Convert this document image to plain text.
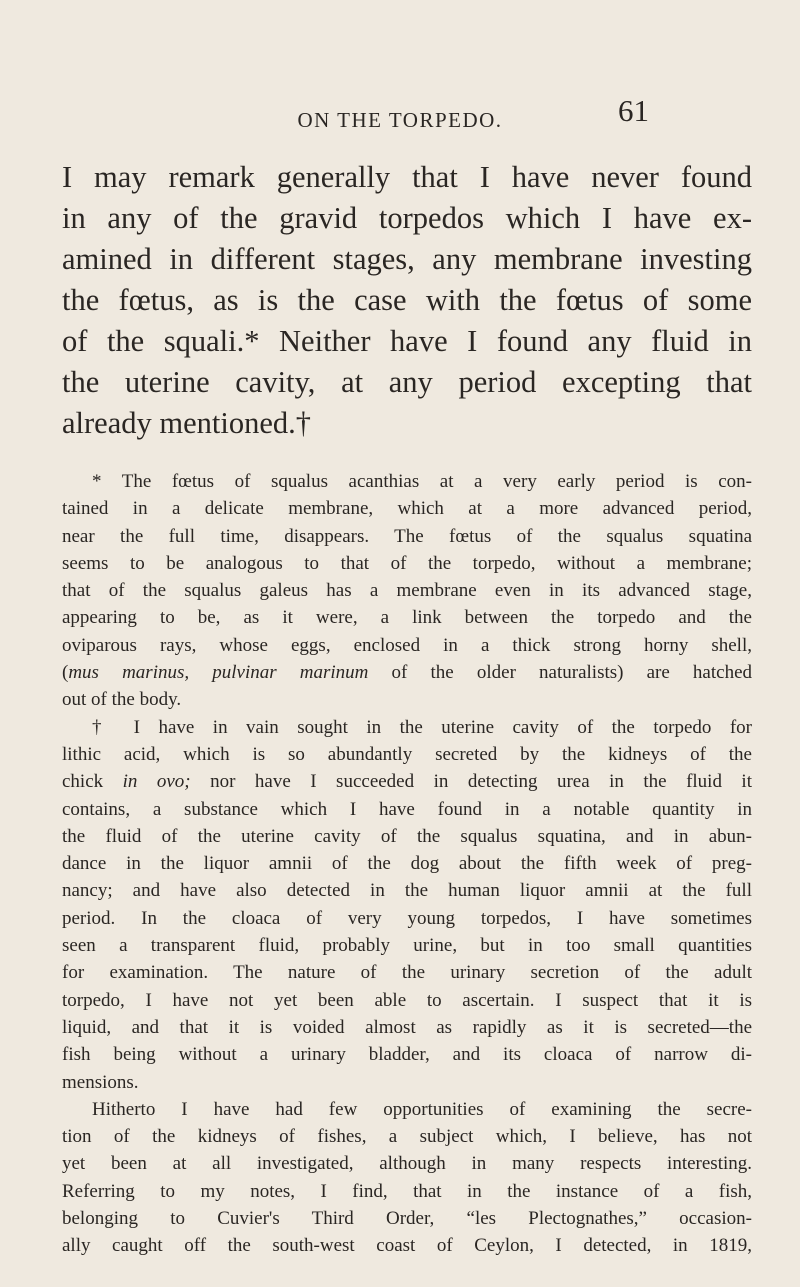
ON THE TORPEDO.	61
I may remark generally that I have never found
in any of the gravid torpedos which I have ex-
amined in different stages, any membrane investing
the fœtus, as is the case with the fœtus of some
of the squali.* Neither have I found any fluid in
the uterine cavity, at any period excepting that
already mentioned.†
* The fœtus of squalus acanthias at a very early period is con-
tained in a delicate membrane, which at a more advanced period,
near the full time, disappears. The fœtus of the squalus squatina
seems to be analogous to that of the torpedo, without a membrane;
that of the squalus galeus has a membrane even in its advanced stage,
appearing to be, as it were, a link between the torpedo and the
oviparous rays, whose eggs, enclosed in a thick strong horny shell,
(mus marinus, pulvinar marinum of the older naturalists) are hatched
out of the body.
† I have in vain sought in the uterine cavity of the torpedo for
lithic acid, which is so abundantly secreted by the kidneys of the
chick in ovo; nor have I succeeded in detecting urea in the fluid it
contains, a substance which I have found in a notable quantity in
the fluid of the uterine cavity of the squalus squatina, and in abun-
dance in the liquor amnii of the dog about the fifth week of preg-
nancy; and have also detected in the human liquor amnii at the full
period. In the cloaca of very young torpedos, I have sometimes
seen a transparent fluid, probably urine, but in too small quantities
for examination. The nature of the urinary secretion of the adult
torpedo, I have not yet been able to ascertain. I suspect that it is
liquid, and that it is voided almost as rapidly as it is secreted—the
fish being without a urinary bladder, and its cloaca of narrow di-
mensions.
Hitherto I have had few opportunities of examining the secre-
tion of the kidneys of fishes, a subject which, I believe, has not
yet been at all investigated, although in many respects interesting.
Referring to my notes, I find, that in the instance of a fish,
belonging to Cuvier's Third Order, “les Plectognathes,” occasion-
ally caught off the south-west coast of Ceylon, I detected, in 1819,
